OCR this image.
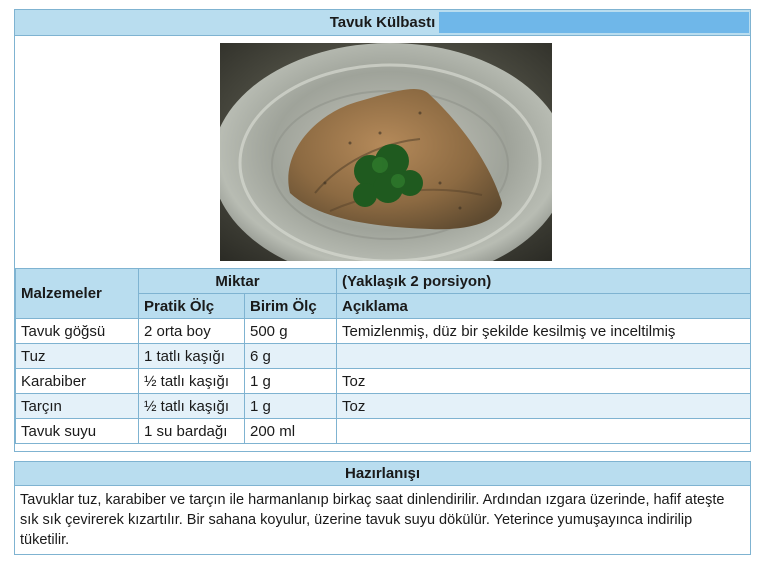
Tavuk Külbastı
Malzemeler	Miktar		(Yaklaşık 2 porsiyon)
	Pratik Ölç	Birim Ölç	Açıklama
Tavuk göğsü	2 orta boy	500 g	Temizlenmiş, düz bir şekilde kesilmiş ve inceltilmiş
Tuz	1 tatlı kaşığı	6 g	
Karabiber	½ tatlı kaşığı	1 g	Toz
Tarçın	½ tatlı kaşığı	1 g	Toz
Tavuk suyu	1 su bardağı	200 ml	
Hazırlanışı
Tavuklar tuz, karabiber ve tarçın ile harmanlanıp birkaç saat dinlendirilir. Ardından ızgara üzerinde, hafif ateşte sık sık çevirerek kızartılır. Bir sahana koyulur, üzerine tavuk suyu dökülür. Yeterince yumuşayınca indirilip tüketilir.
